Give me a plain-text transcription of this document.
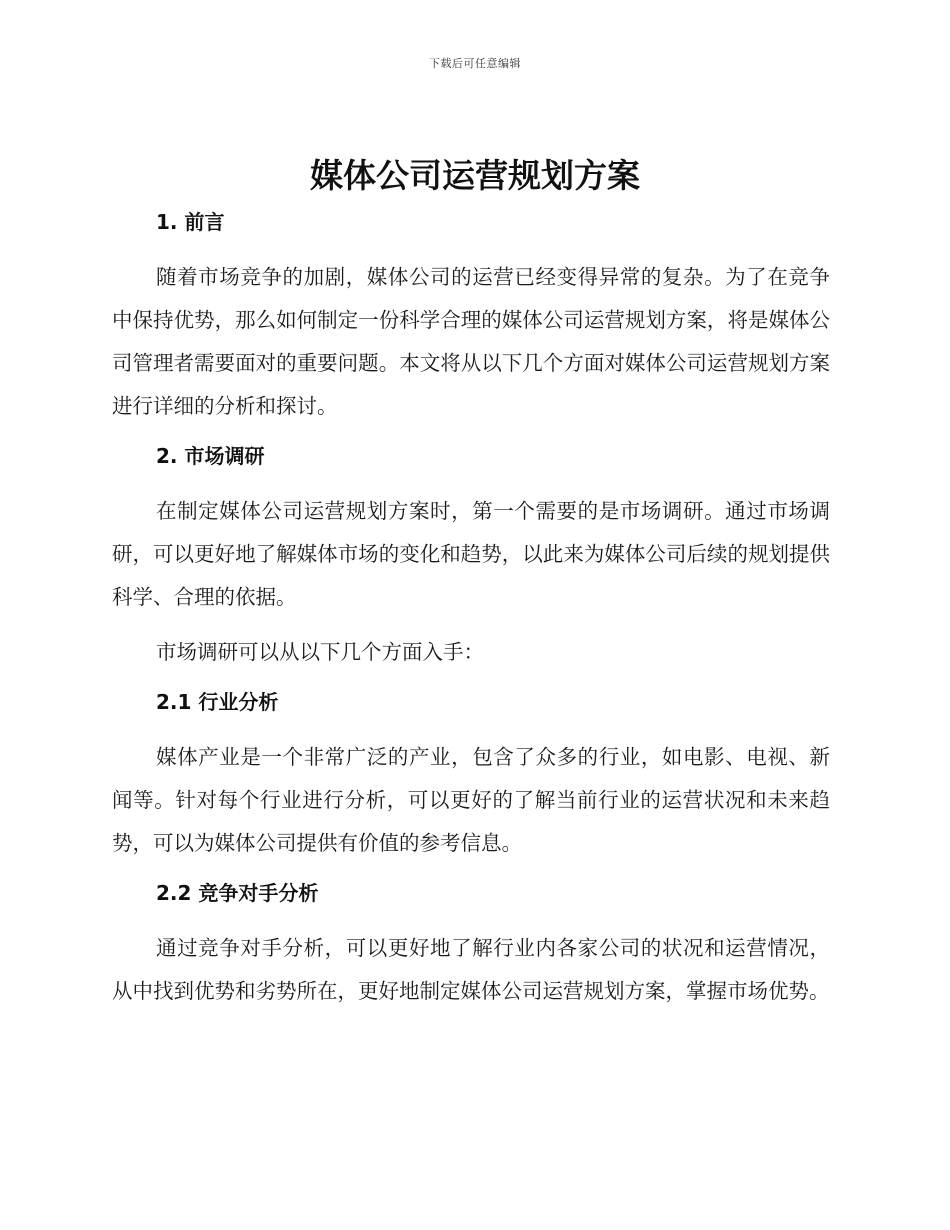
下载后可任意编辑
媒体公司运营规划方案
1. 前言

随着市场竞争的加剧，媒体公司的运营已经变得异常的复杂。为了在竞争中保持优势，那么如何制定一份科学合理的媒体公司运营规划方案，将是媒体公司管理者需要面对的重要问题。本文将从以下几个方面对媒体公司运营规划方案进行详细的分析和探讨。

2. 市场调研

在制定媒体公司运营规划方案时，第一个需要的是市场调研。通过市场调研，可以更好地了解媒体市场的变化和趋势，以此来为媒体公司后续的规划提供科学、合理的依据。

市场调研可以从以下几个方面入手：

2.1 行业分析

媒体产业是一个非常广泛的产业，包含了众多的行业，如电影、电视、新闻等。针对每个行业进行分析，可以更好的了解当前行业的运营状况和未来趋势，可以为媒体公司提供有价值的参考信息。

2.2 竞争对手分析

通过竞争对手分析，可以更好地了解行业内各家公司的状况和运营情况，从中找到优势和劣势所在，更好地制定媒体公司运营规划方案，掌握市场优势。
